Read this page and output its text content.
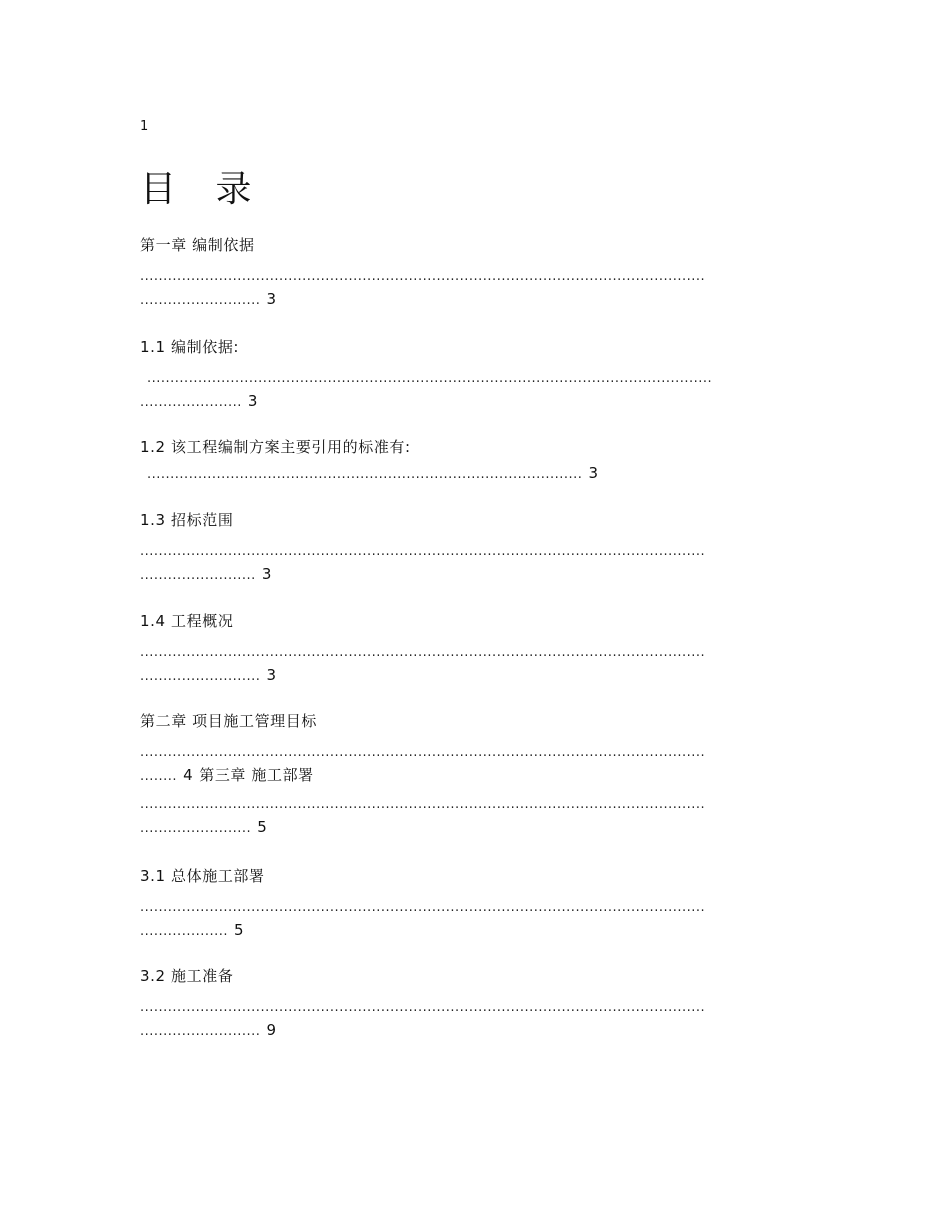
1
目 录
第一章 编制依据
..........................................................................................................................
.......................... 3
1.1 编制依据:
..........................................................................................................................
...................... 3
1.2 该工程编制方案主要引用的标准有:
.............................................................................................. 3
1.3 招标范围
..........................................................................................................................
......................... 3
1.4 工程概况
..........................................................................................................................
.......................... 3
第二章 项目施工管理目标
..........................................................................................................................
........ 4 第三章 施工部署
..........................................................................................................................
........................ 5
3.1 总体施工部署
..........................................................................................................................
................... 5
3.2 施工准备
..........................................................................................................................
.......................... 9
